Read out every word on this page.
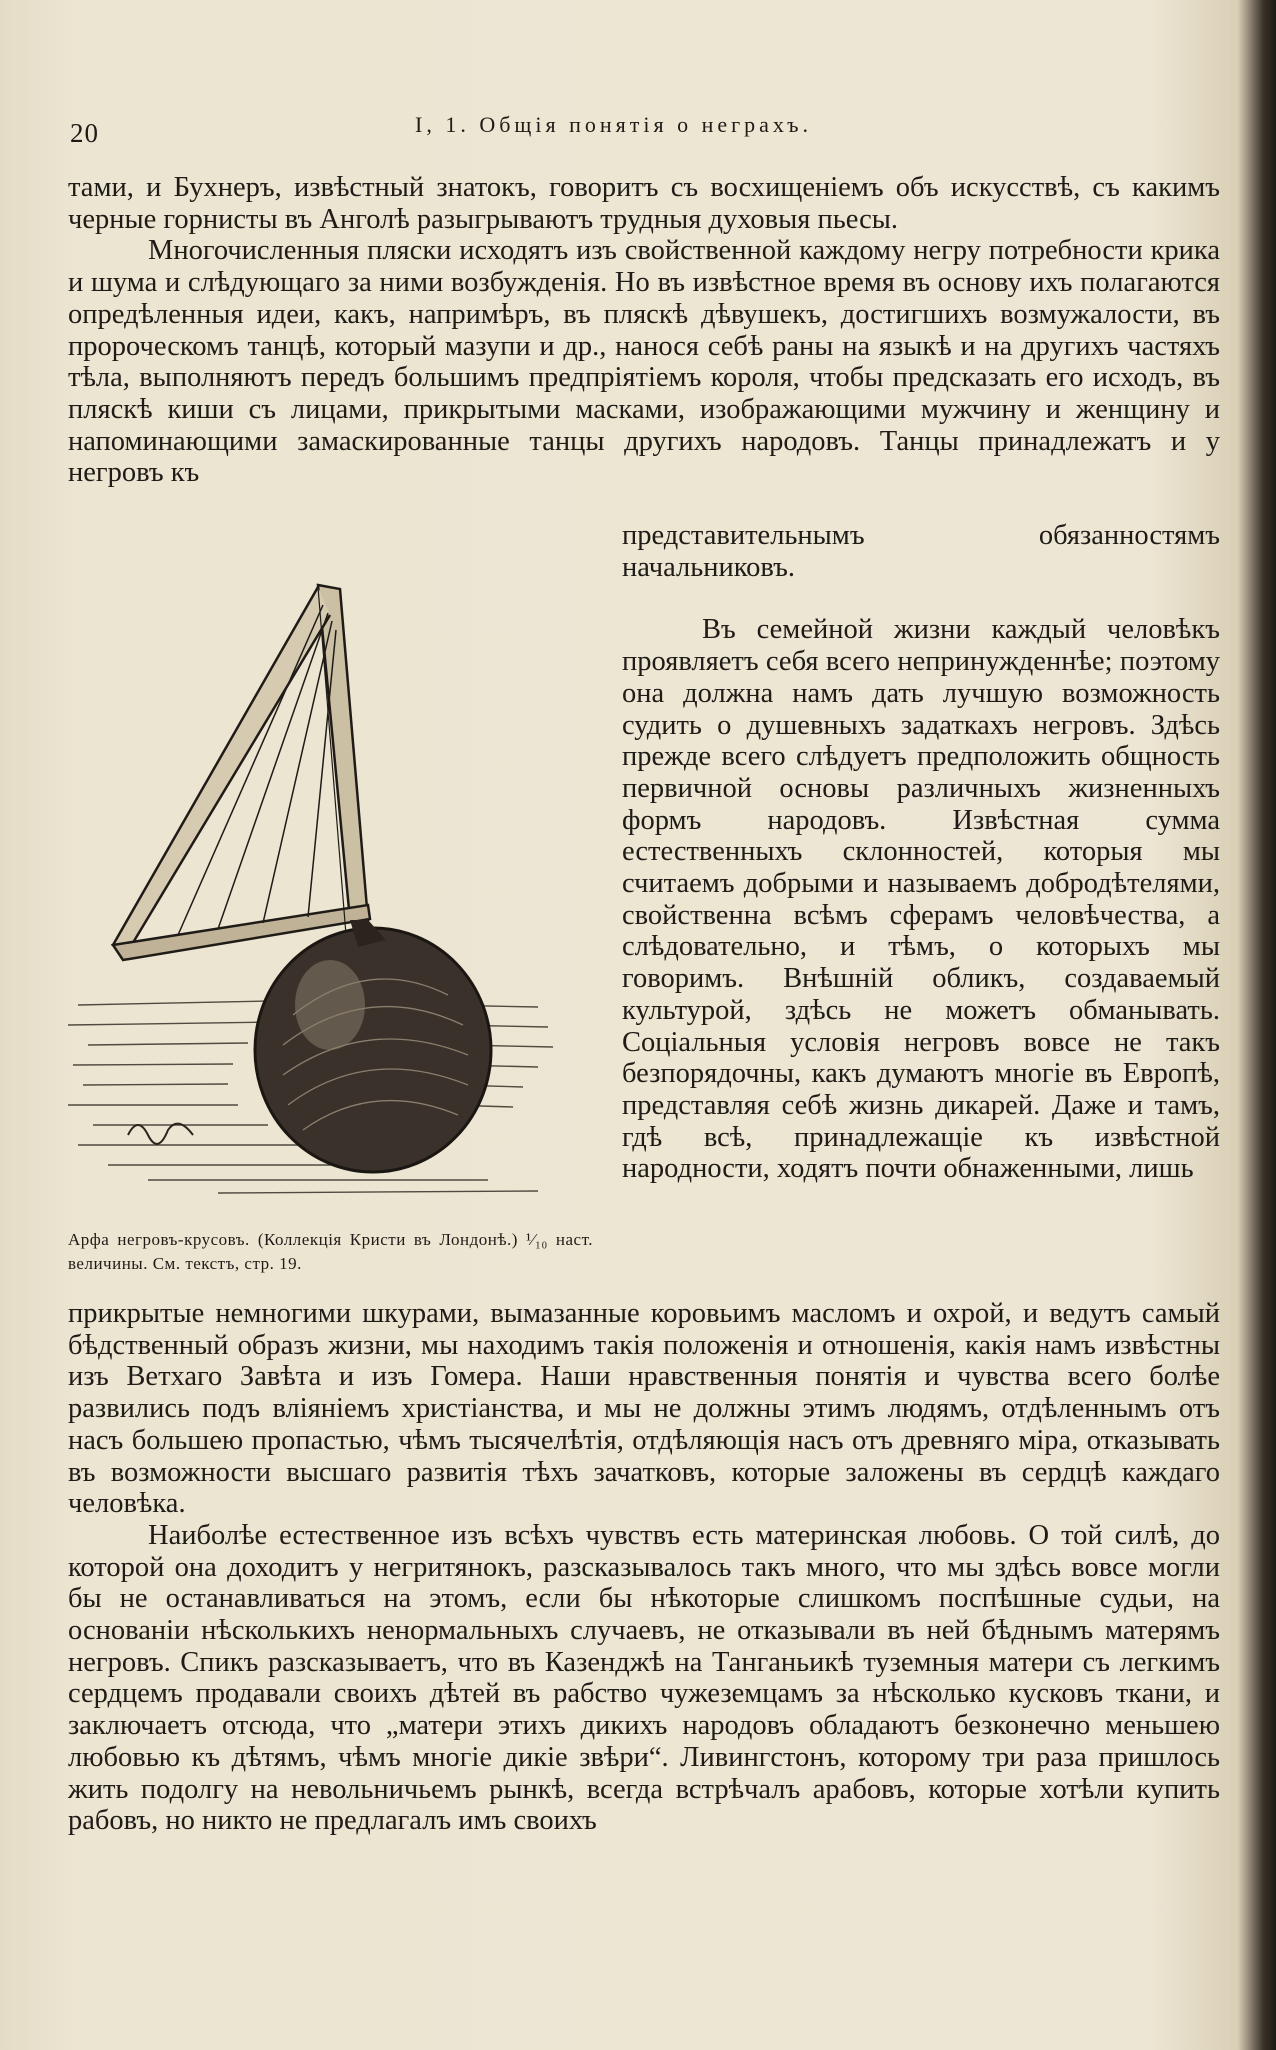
20	I, 1. Общія понятія о неграхъ.

тами, и Бухнеръ, извѣстный знатокъ, говоритъ съ восхищеніемъ объ искусствѣ, съ какимъ черные горнисты въ Анголѣ разыгрываютъ трудныя духовыя пьесы.

Многочисленныя пляски исходятъ изъ свойственной каждому негру потребности крика и шума и слѣдующаго за ними возбужденія. Но въ извѣстное время въ основу ихъ полагаются опредѣленныя идеи, какъ, напримѣръ, въ пляскѣ дѣвушекъ, достигшихъ возмужалости, въ пророческомъ танцѣ, который мазупи и др., нанося себѣ раны на языкѣ и на другихъ частяхъ тѣла, выполняютъ передъ большимъ предпріятіемъ короля, чтобы предсказать его исходъ, въ пляскѣ киши съ лицами, прикрытыми масками, изображающими мужчину и женщину и напоминающими замаскированные танцы другихъ народовъ. Танцы принадлежатъ и у негровъ къ

представительнымъ обязанностямъ начальниковъ.

Въ семейной жизни каждый человѣкъ проявляетъ себя всего непринужденнѣе; поэтому она должна намъ дать лучшую возможность судить о душевныхъ задаткахъ негровъ. Здѣсь прежде всего слѣдуетъ предположить общность первичной основы различныхъ жизненныхъ формъ народовъ. Извѣстная сумма естественныхъ склонностей, которыя мы считаемъ добрыми и называемъ добродѣтелями, свойственна всѣмъ сферамъ человѣчества, а слѣдовательно, и тѣмъ, о которыхъ мы говоримъ. Внѣшній обликъ, создаваемый культурой, здѣсь не можетъ обманывать. Соціальныя условія негровъ вовсе не такъ безпорядочны, какъ думаютъ многіе въ Европѣ, представляя себѣ жизнь дикарей. Даже и тамъ, гдѣ всѣ, принадлежащіе къ извѣстной народности, ходятъ почти обнаженными, лишь

Арфа негровъ-крусовъ. (Коллекція Кристи въ Лондонѣ.) ¹⁄₁₀ наст. величины. См. текстъ, стр. 19.

прикрытые немногими шкурами, вымазанные коровьимъ масломъ и охрой, и ведутъ самый бѣдственный образъ жизни, мы находимъ такія положенія и отношенія, какія намъ извѣстны изъ Ветхаго Завѣта и изъ Гомера. Наши нравственныя понятія и чувства всего болѣе развились подъ вліяніемъ христіанства, и мы не должны этимъ людямъ, отдѣленнымъ отъ насъ большею пропастью, чѣмъ тысячелѣтія, отдѣляющія насъ отъ древняго міра, отказывать въ возможности высшаго развитія тѣхъ зачатковъ, которые заложены въ сердцѣ каждаго человѣка.

Наиболѣе естественное изъ всѣхъ чувствъ есть материнская любовь. О той силѣ, до которой она доходитъ у негритянокъ, разсказывалось такъ много, что мы здѣсь вовсе могли бы не останавливаться на этомъ, если бы нѣкоторые слишкомъ поспѣшные судьи, на основаніи нѣсколькихъ ненормальныхъ случаевъ, не отказывали въ ней бѣднымъ матерямъ негровъ. Спикъ разсказываетъ, что въ Казенджѣ на Танганьикѣ туземныя матери съ легкимъ сердцемъ продавали своихъ дѣтей въ рабство чужеземцамъ за нѣсколько кусковъ ткани, и заключаетъ отсюда, что „матери этихъ дикихъ народовъ обладаютъ безконечно меньшею любовью къ дѣтямъ, чѣмъ многіе дикіе звѣри“. Ливингстонъ, которому три раза пришлось жить подолгу на невольничьемъ рынкѣ, всегда встрѣчалъ арабовъ, которые хотѣли купить рабовъ, но никто не предлагалъ имъ своихъ
